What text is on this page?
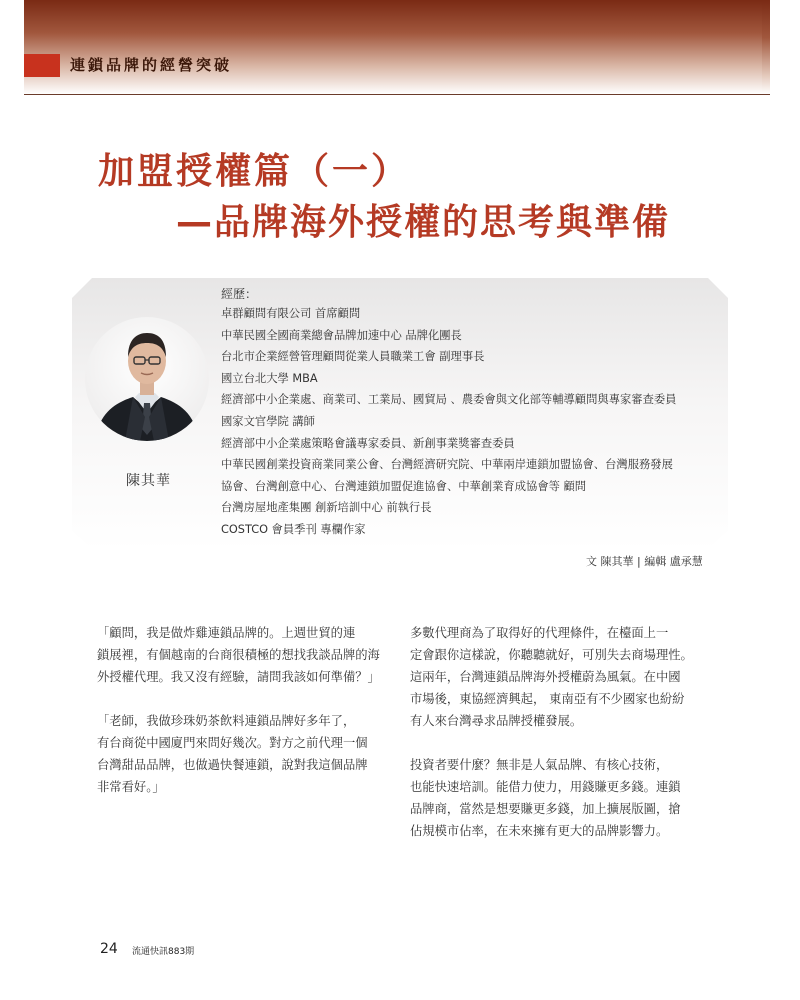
連鎖品牌的經營突破
加盟授權篇（一）
—品牌海外授權的思考與準備
陳其華
經歷：
卓群顧問有限公司 首席顧問
中華民國全國商業總會品牌加速中心 品牌化團長
台北市企業經營管理顧問從業人員職業工會 副理事長
國立台北大學 MBA
經濟部中小企業處、商業司、工業局、國貿局 、農委會與文化部等輔導顧問與專家審查委員
國家文官學院 講師
經濟部中小企業處策略會議專家委員、新創事業獎審查委員
中華民國創業投資商業同業公會、台灣經濟研究院、中華兩岸連鎖加盟協會、台灣服務發展
協會、台灣創意中心、台灣連鎖加盟促進協會、中華創業育成協會等 顧問
台灣房屋地產集團 創新培訓中心 前執行長
COSTCO 會員季刊 專欄作家
文 陳其華 | 編輯 盧承慧

「顧問，我是做炸雞連鎖品牌的。上週世貿的連
鎖展裡，有個越南的台商很積極的想找我談品牌的海
外授權代理。我又沒有經驗，請問我該如何準備？」

「老師，我做珍珠奶茶飲料連鎖品牌好多年了，
有台商從中國廈門來問好幾次。對方之前代理一個
台灣甜品品牌，也做過快餐連鎖，說對我這個品牌
非常看好。」

多數代理商為了取得好的代理條件，在檯面上一
定會跟你這樣說，你聽聽就好，可別失去商場理性。
這兩年，台灣連鎖品牌海外授權蔚為風氣。在中國
市場後，東協經濟興起， 東南亞有不少國家也紛紛
有人來台灣尋求品牌授權發展。

投資者要什麼？無非是人氣品牌、有核心技術，
也能快速培訓。能借力使力，用錢賺更多錢。連鎖
品牌商，當然是想要賺更多錢，加上擴展版圖，搶
佔規模市佔率，在未來擁有更大的品牌影響力。

24 流通快訊883期
